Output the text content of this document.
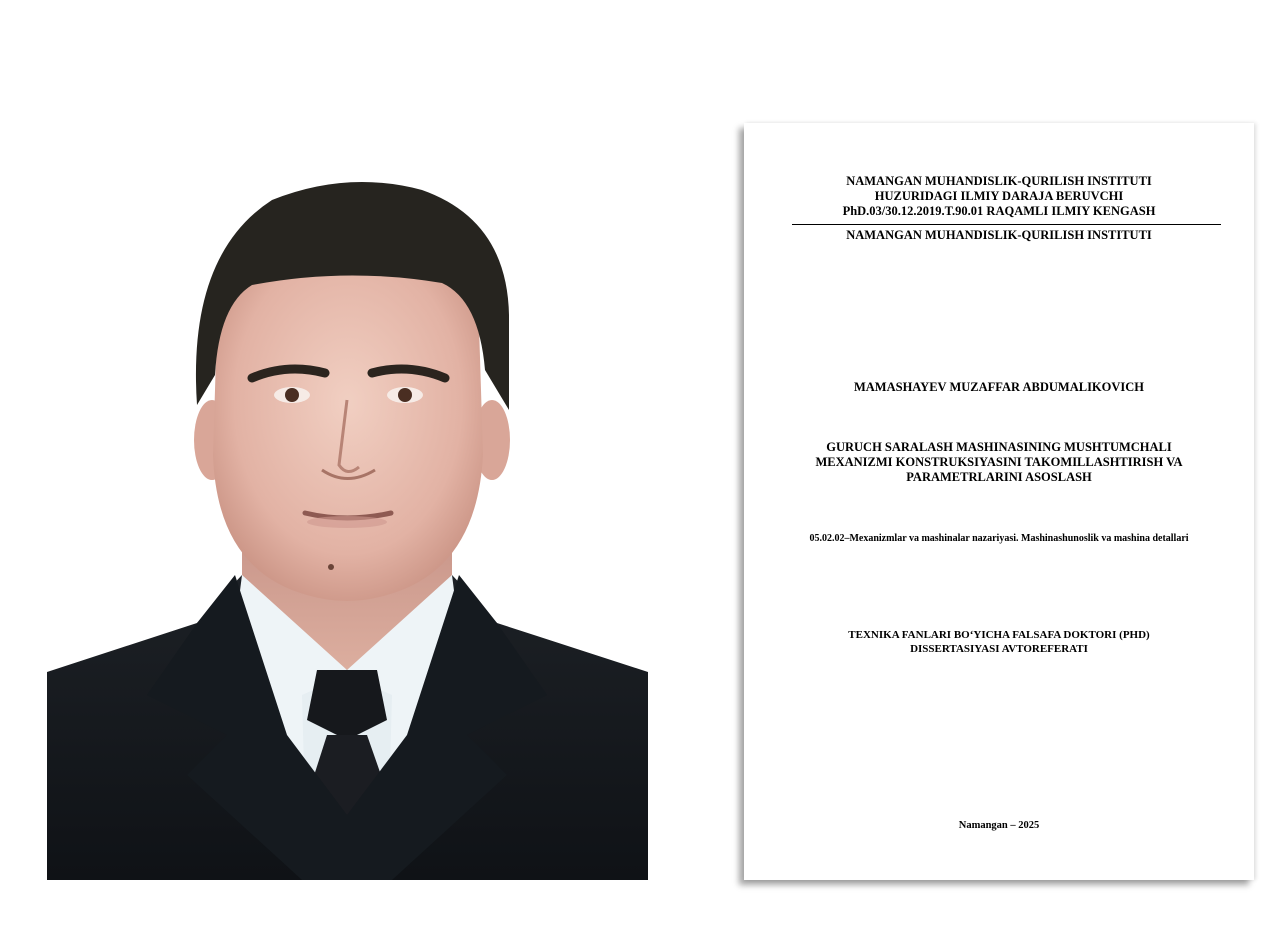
NAMANGAN MUHANDISLIK-QURILISH INSTITUTI
HUZURIDAGI ILMIY DARAJA BERUVCHI
PhD.03/30.12.2019.T.90.01 RAQAMLI ILMIY KENGASH
NAMANGAN MUHANDISLIK-QURILISH INSTITUTI
MAMASHAYEV MUZAFFAR ABDUMALIKOVICH
GURUCH SARALASH MASHINASINING MUSHTUMCHALI
MEXANIZMI KONSTRUKSIYASINI TAKOMILLASHTIRISH VA
PARAMETRLARINI ASOSLASH
05.02.02–Mexanizmlar va mashinalar nazariyasi. Mashinashunoslik va mashina detallari
TEXNIKA FANLARI BO‘YICHA FALSAFA DOKTORI (PHD)
DISSERTASIYASI AVTOREFERATI
Namangan – 2025
